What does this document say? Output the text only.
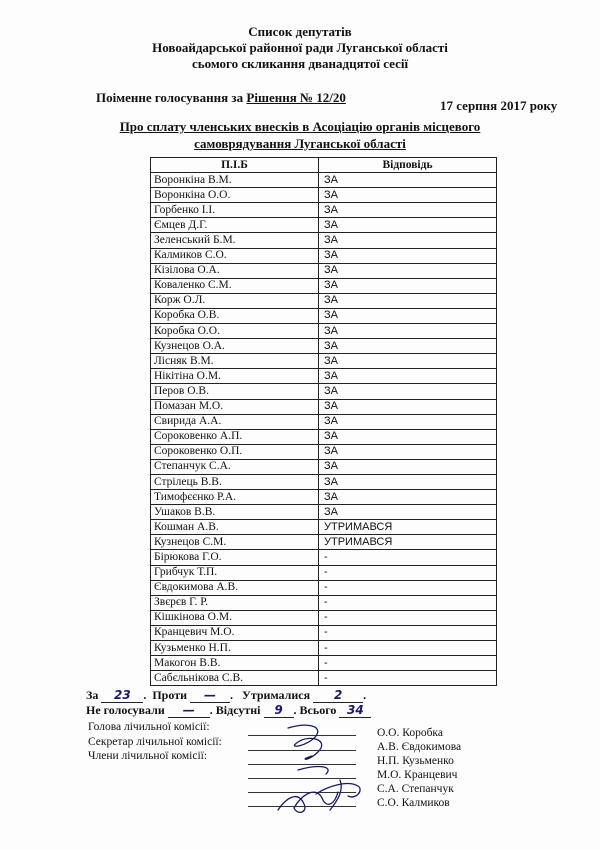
Список депутатів
Новоайдарської районної ради Луганської області
сьомого скликання дванадцятої сесії
Поіменне голосування за Рішення № 12/20
17 серпня 2017 року
Про сплату членських внесків в Асоціацію органів місцевого
самоврядування Луганської області
П.І.Б	Відповідь
Воронкіна В.М.	ЗА
Воронкіна О.О.	ЗА
Горбенко І.І.	ЗА
Ємцев Д.Г.	ЗА
Зеленський Б.М.	ЗА
Калмиков С.О.	ЗА
Кізілова О.А.	ЗА
Коваленко С.М.	ЗА
Корж О.Л.	ЗА
Коробка О.В.	ЗА
Коробка О.О.	ЗА
Кузнецов О.А.	ЗА
Лісняк В.М.	ЗА
Нікітіна О.М.	ЗА
Перов О.В.	ЗА
Помазан М.О.	ЗА
Свирида А.А.	ЗА
Сороковенко А.П.	ЗА
Сороковенко О.П.	ЗА
Степанчук С.А.	ЗА
Стрілець В.В.	ЗА
Тимофєєнко Р.А.	ЗА
Ушаков В.В.	ЗА
Кошман А.В.	УТРИМАВСЯ
Кузнецов С.М.	УТРИМАВСЯ
Бірюкова Г.О.	-
Грибчук Т.П.	-
Євдокимова А.В.	-
Звєрєв Г. Р.	-
Кішкінова О.М.	-
Кранцевич М.О.	-
Кузьменко Н.П.	-
Макогон В.В.	-
Сабєльнікова С.В.	-
За 23 .  Проти — .   Утрималися 2 .
Не голосували — . Відсутні 9 . Всього 34
Голова лічильної комісії:
Секретар лічильної комісії:
Члени лічильної комісії:
О.О. Коробка
А.В. Євдокимова
Н.П. Кузьменко
М.О. Кранцевич
С.А. Степанчук
С.О. Калмиков
